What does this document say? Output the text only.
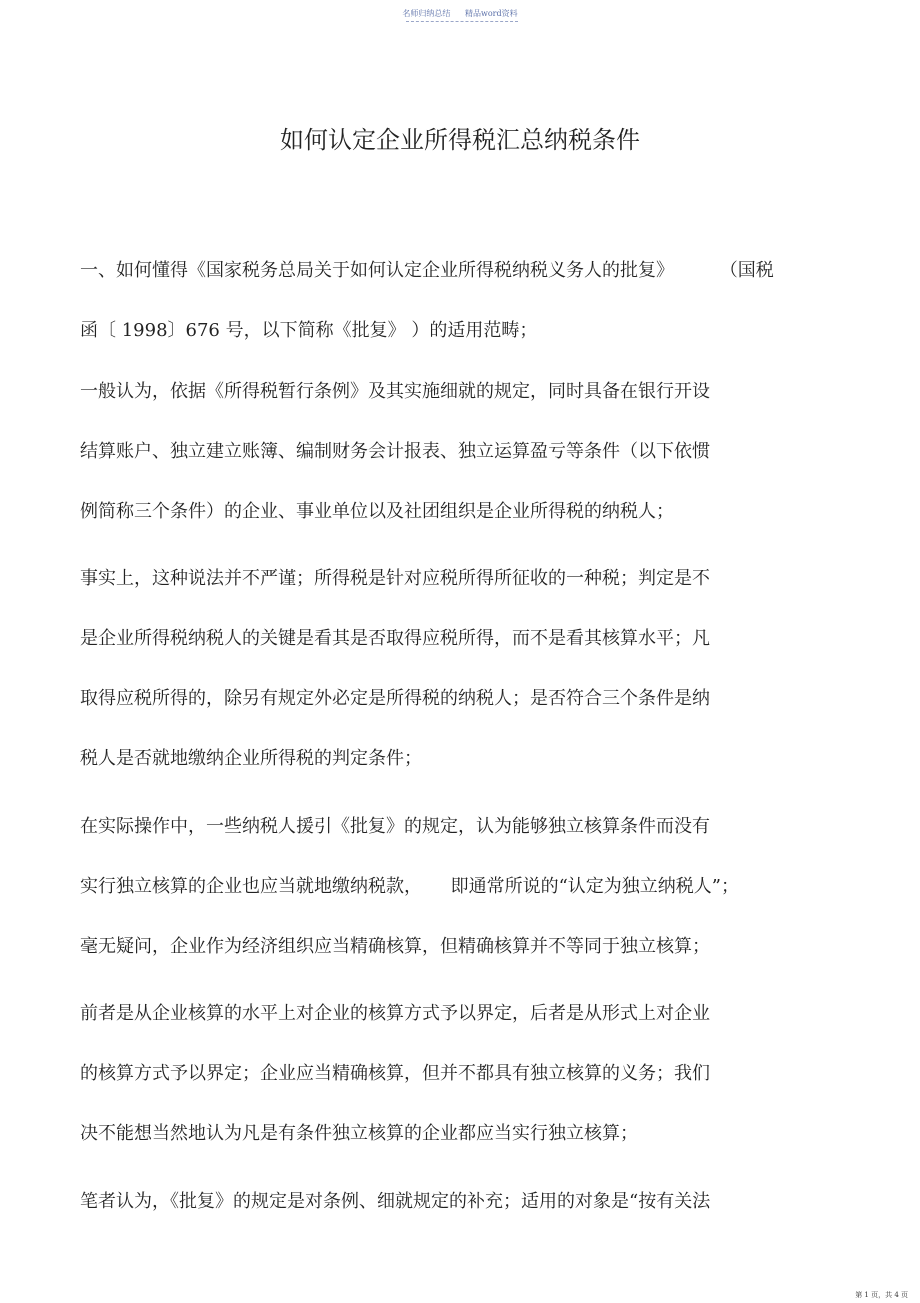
名师归纳总结 精品word资料
如何认定企业所得税汇总纳税条件
一、如何懂得《国家税务总局关于如何认定企业所得税纳税义务人的批复》        （国税
函〔 1998〕676 号，以下简称《批复》 ）的适用范畴；
一般认为，依据《所得税暂行条例》及其实施细就的规定，同时具备在银行开设
结算账户、独立建立账簿、编制财务会计报表、独立运算盈亏等条件（以下依惯
例简称三个条件）的企业、事业单位以及社团组织是企业所得税的纳税人；
事实上，这种说法并不严谨；所得税是针对应税所得所征收的一种税；判定是不
是企业所得税纳税人的关键是看其是否取得应税所得，而不是看其核算水平；凡
取得应税所得的，除另有规定外必定是所得税的纳税人；是否符合三个条件是纳
税人是否就地缴纳企业所得税的判定条件；
在实际操作中，一些纳税人援引《批复》的规定，认为能够独立核算条件而没有
实行独立核算的企业也应当就地缴纳税款，     即通常所说的“认定为独立纳税人”；
毫无疑问，企业作为经济组织应当精确核算，但精确核算并不等同于独立核算；
前者是从企业核算的水平上对企业的核算方式予以界定，后者是从形式上对企业
的核算方式予以界定；企业应当精确核算，但并不都具有独立核算的义务；我们
决不能想当然地认为凡是有条件独立核算的企业都应当实行独立核算；
笔者认为，《批复》的规定是对条例、细就规定的补充；适用的对象是“按有关法
第 1 页，共 4 页
